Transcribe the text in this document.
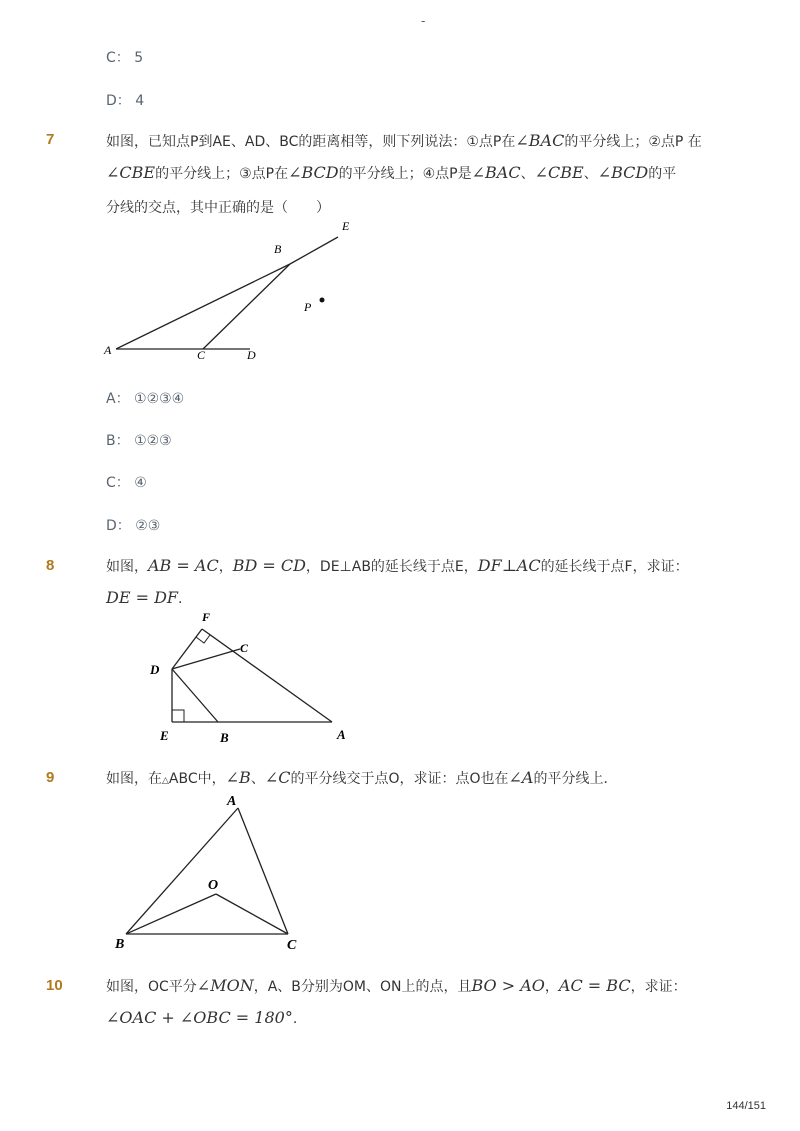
-
C： 5
D： 4
7	如图，已知点P到AE、AD、BC的距离相等，则下列说法：①点P在∠BAC的平分线上；②点P 在
∠CBE的平分线上；③点P在∠BCD的平分线上；④点P是∠BAC、∠CBE、∠BCD的平
分线的交点，其中正确的是（　　）
A
B
C	D
E
P
A： ①②③④
B： ①②③
C： ④
D： ②③
8	如图，AB = AC，BD = CD，DE⊥AB的延长线于点E，DF⊥AC的延长线于点F，求证：
DE = DF.
F
C
D
E	B	A
9	如图，在△ABC中，∠B、∠C的平分线交于点O，求证：点O也在∠A的平分线上．
A
O
B	C
10	如图，OC平分∠MON，A、B分别为OM、ON上的点，且BO > AO，AC = BC，求证：
∠OAC + ∠OBC = 180°.
144/151
